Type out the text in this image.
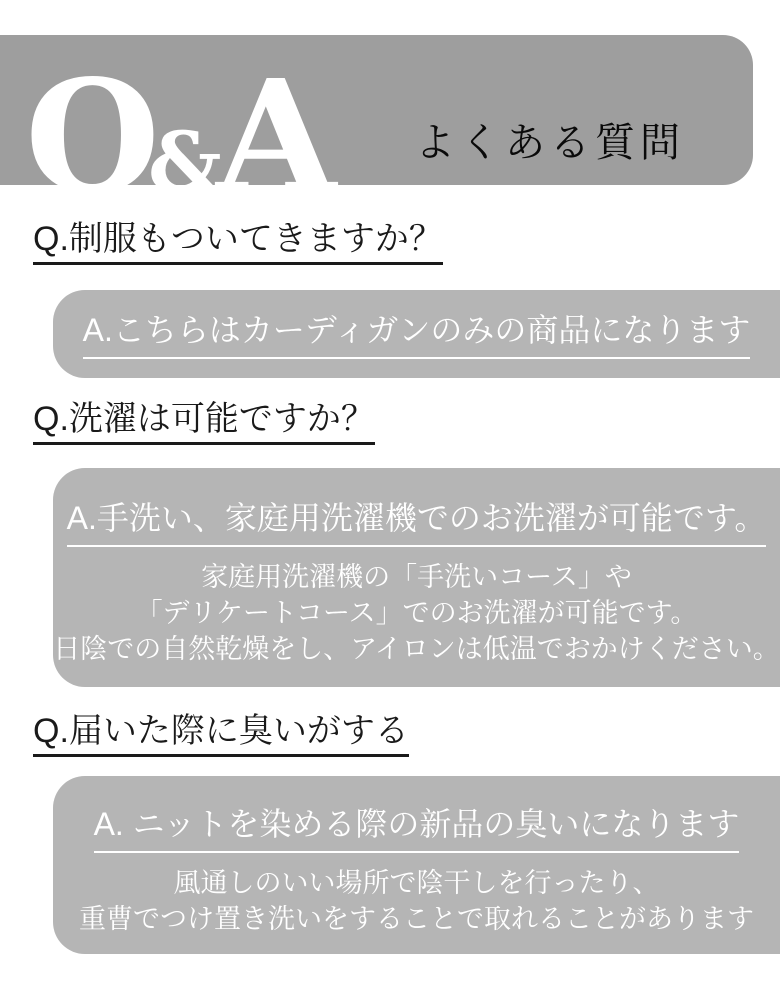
Q&A よくある質問
Q.制服もついてきますか？
A.こちらはカーディガンのみの商品になります
Q.洗濯は可能ですか？
A.手洗い、家庭用洗濯機でのお洗濯が可能です。
家庭用洗濯機の「手洗いコース」や
「デリケートコース」でのお洗濯が可能です。
日陰での自然乾燥をし、アイロンは低温でおかけください。
Q.届いた際に臭いがする
A. ニットを染める際の新品の臭いになります
風通しのいい場所で陰干しを行ったり、
重曹でつけ置き洗いをすることで取れることがあります
